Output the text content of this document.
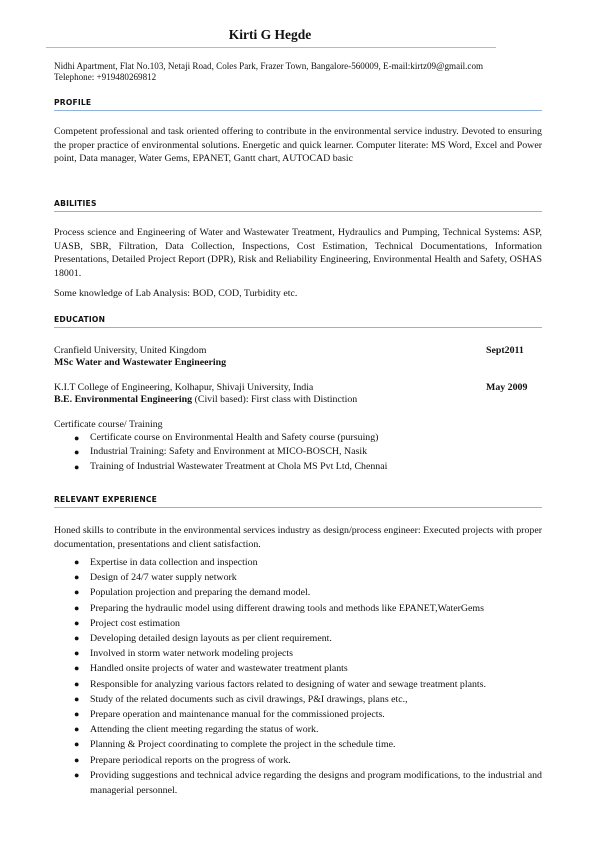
Kirti G Hegde
Nidhi Apartment, Flat No.103, Netaji Road, Coles Park, Frazer Town, Bangalore-560009, E-mail:kirtz09@gmail.com
Telephone: +919480269812
PROFILE

Competent professional and task oriented offering to contribute in the environmental service industry. Devoted to ensuring the proper practice of environmental solutions. Energetic and quick learner. Computer literate: MS Word, Excel and Power point, Data manager, Water Gems, EPANET, Gantt chart, AUTOCAD basic

ABILITIES

Process science and Engineering of Water and Wastewater Treatment, Hydraulics and Pumping, Technical Systems: ASP, UASB, SBR, Filtration, Data Collection, Inspections, Cost Estimation, Technical Documentations, Information Presentations, Detailed Project Report (DPR), Risk and Reliability Engineering, Environmental Health and Safety, OSHAS 18001.

Some knowledge of Lab Analysis: BOD, COD, Turbidity etc.
EDUCATION
Cranfield University, United Kingdom	Sept2011
MSc Water and Wastewater Engineering
K.I.T College of Engineering, Kolhapur, Shivaji University, India	May 2009
B.E. Environmental Engineering (Civil based): First class with Distinction
Certificate course/ Training
● Certificate course on Environmental Health and Safety course (pursuing)
● Industrial Training: Safety and Environment at MICO-BOSCH, Nasik
● Training of Industrial Wastewater Treatment at Chola MS Pvt Ltd, Chennai
RELEVANT EXPERIENCE

Honed skills to contribute in the environmental services industry as design/process engineer: Executed projects with proper documentation, presentations and client satisfaction.

● Expertise in data collection and inspection
● Design of 24/7 water supply network
● Population projection and preparing the demand model.
● Preparing the hydraulic model using different drawing tools and methods like EPANET,WaterGems
● Project cost estimation
● Developing detailed design layouts as per client requirement.
● Involved in storm water network modeling projects
● Handled onsite projects of water and wastewater treatment plants
● Responsible for analyzing various factors related to designing of water and sewage treatment plants.
● Study of the related documents such as civil drawings, P&I drawings, plans etc.,
● Prepare operation and maintenance manual for the commissioned projects.
● Attending the client meeting regarding the status of work.
● Planning & Project coordinating to complete the project in the schedule time.
● Prepare periodical reports on the progress of work.
● Providing suggestions and technical advice regarding the designs and program modifications, to the industrial and managerial personnel.
